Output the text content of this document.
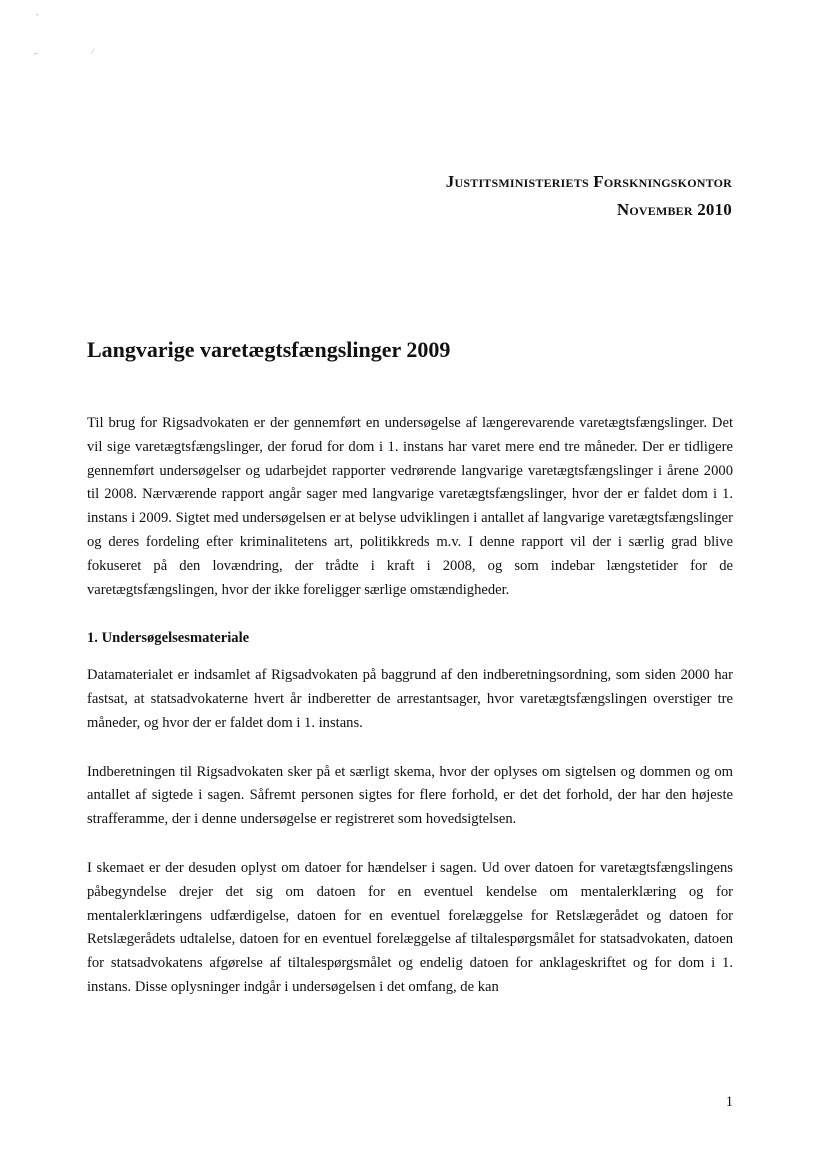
˚
⌐	⁄
Justitsministeriets Forskningskontor
November 2010
Langvarige varetægtsfængslinger 2009

Til brug for Rigsadvokaten er der gennemført en undersøgelse af længerevarende varetægtsfængslinger. Det vil sige varetægtsfængslinger, der forud for dom i 1. instans har varet mere end tre måneder. Der er tidligere gennemført undersøgelser og udarbejdet rapporter vedrørende langvarige varetægtsfængslinger i årene 2000 til 2008. Nærværende rapport angår sager med langvarige varetægtsfængslinger, hvor der er faldet dom i 1. instans i 2009. Sigtet med undersøgelsen er at belyse udviklingen i antallet af langvarige varetægtsfængslinger og deres fordeling efter kriminalitetens art, politikkreds m.v. I denne rapport vil der i særlig grad blive fokuseret på den lovændring, der trådte i kraft i 2008, og som indebar længstetider for de varetægtsfængslingen, hvor der ikke foreligger særlige omstændigheder.

1. Undersøgelsesmateriale

Datamaterialet er indsamlet af Rigsadvokaten på baggrund af den indberetningsordning, som siden 2000 har fastsat, at statsadvokaterne hvert år indberetter de arrestantsager, hvor varetægtsfængslingen overstiger tre måneder, og hvor der er faldet dom i 1. instans.

Indberetningen til Rigsadvokaten sker på et særligt skema, hvor der oplyses om sigtelsen og dommen og om antallet af sigtede i sagen. Såfremt personen sigtes for flere forhold, er det det forhold, der har den højeste strafferamme, der i denne undersøgelse er registreret som hovedsigtelsen.

I skemaet er der desuden oplyst om datoer for hændelser i sagen. Ud over datoen for varetægtsfængslingens påbegyndelse drejer det sig om datoen for en eventuel kendelse om mentalerklæring og for mentalerklæringens udfærdigelse, datoen for en eventuel forelæggelse for Retslægerådet og datoen for Retslægerådets udtalelse, datoen for en eventuel forelæggelse af tiltalespørgsmålet for statsadvokaten, datoen for statsadvokatens afgørelse af tiltalespørgsmålet og endelig datoen for anklageskriftet og for dom i 1. instans. Disse oplysninger indgår i undersøgelsen i det omfang, de kan

1
